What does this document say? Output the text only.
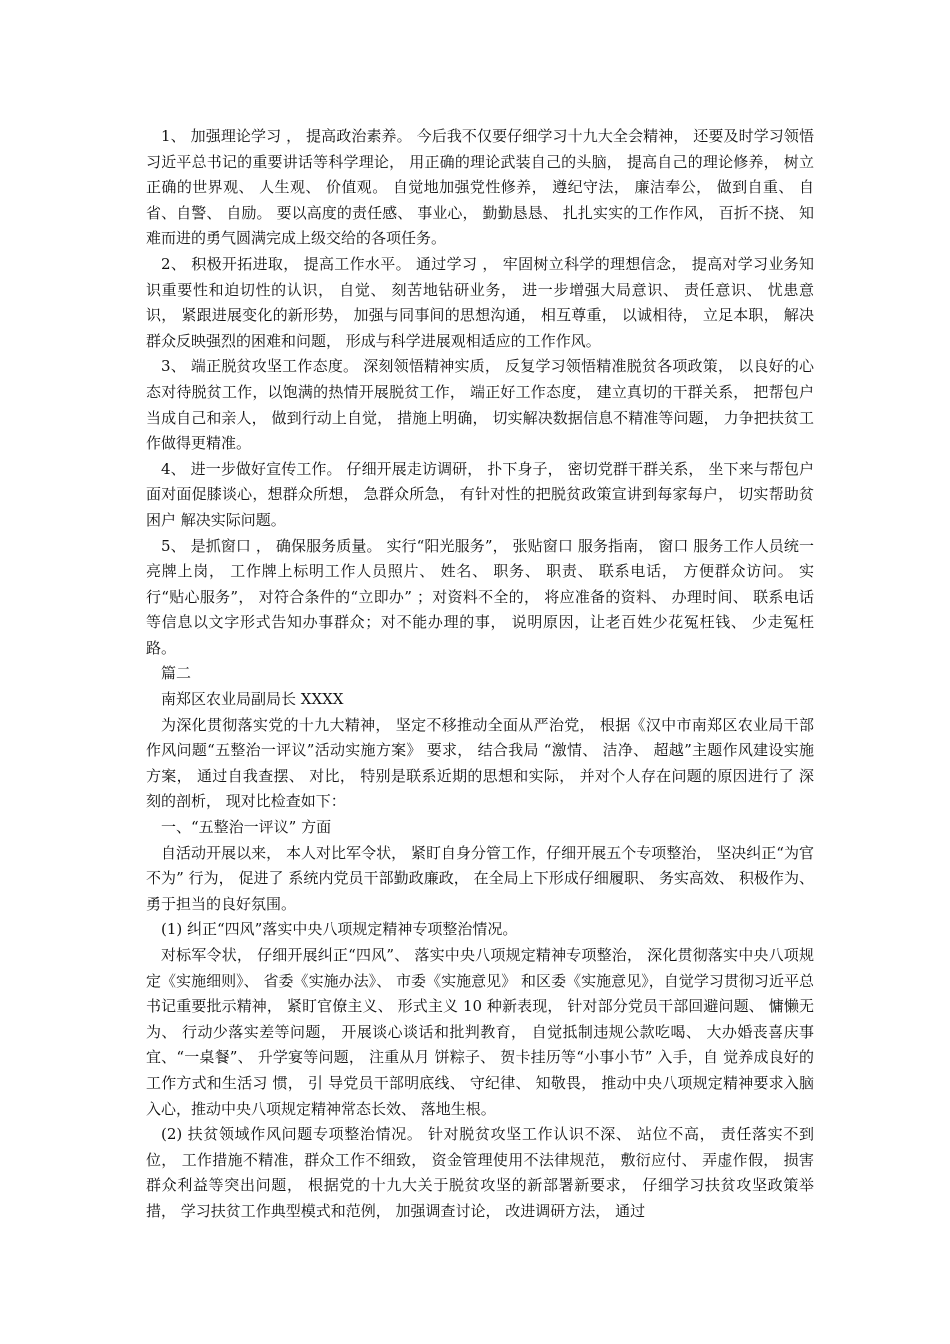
1、 加强理论学习 ， 提高政治素养。 今后我不仅要仔细学习十九大全会精神， 还要及时学习领悟习近平总书记的重要讲话等科学理论， 用正确的理论武装自己的头脑， 提高自己的理论修养， 树立正确的世界观、 人生观、 价值观。 自觉地加强党性修养， 遵纪守法， 廉洁奉公， 做到自重、 自省、自警、 自励。 要以高度的责任感、 事业心， 勤勤恳恳、 扎扎实实的工作作风， 百折不挠、 知难而进的勇气圆满完成上级交给的各项任务。

2、 积极开拓进取， 提高工作水平。 通过学习 ， 牢固树立科学的理想信念， 提高对学习业务知识重要性和迫切性的认识， 自觉、 刻苦地钻研业务， 进一步增强大局意识、 责任意识、 忧患意识， 紧跟进展变化的新形势， 加强与同事间的思想沟通， 相互尊重， 以诚相待， 立足本职， 解决群众反映强烈的困难和问题， 形成与科学进展观相适应的工作作风。

3、 端正脱贫攻坚工作态度。 深刻领悟精神实质， 反复学习领悟精准脱贫各项政策， 以良好的心态对待脱贫工作，以饱满的热情开展脱贫工作， 端正好工作态度， 建立真切的干群关系， 把帮包户当成自己和亲人， 做到行动上自觉， 措施上明确， 切实解决数据信息不精准等问题， 力争把扶贫工作做得更精准。

4、 进一步做好宣传工作。 仔细开展走访调研， 扑下身子， 密切党群干群关系， 坐下来与帮包户面对面促膝谈心，想群众所想， 急群众所急， 有针对性的把脱贫政策宣讲到每家每户， 切实帮助贫困户 解决实际问题。

5、 是抓窗口 ， 确保服务质量。 实行“阳光服务”， 张贴窗口 服务指南， 窗口 服务工作人员统一亮牌上岗， 工作牌上标明工作人员照片、 姓名、 职务、 职责、 联系电话， 方便群众访问。 实行“贴心服务”， 对符合条件的“立即办” ；对资料不全的， 将应准备的资料、 办理时间、 联系电话等信息以文字形式告知办事群众；对不能办理的事， 说明原因，让老百姓少花冤枉钱、 少走冤枉路。

篇二

南郑区农业局副局长 XXXX

为深化贯彻落实党的十九大精神， 坚定不移推动全面从严治党， 根据《汉中市南郑区农业局干部作风问题“五整治一评议”活动实施方案》 要求， 结合我局 “激情、 洁净、 超越”主题作风建设实施方案， 通过自我查摆、 对比， 特别是联系近期的思想和实际， 并对个人存在问题的原因进行了 深刻的剖析， 现对比检查如下：

一、“五整治一评议” 方面

自活动开展以来， 本人对比军令状， 紧盯自身分管工作，仔细开展五个专项整治， 坚决纠正“为官不为” 行为， 促进了 系统内党员干部勤政廉政， 在全局上下形成仔细履职、 务实高效、 积极作为、 勇于担当的良好氛围。

(1) 纠正“四风”落实中央八项规定精神专项整治情况。

对标军令状， 仔细开展纠正“四风”、 落实中央八项规定精神专项整治， 深化贯彻落实中央八项规定《实施细则》、 省委《实施办法》、 市委《实施意见》 和区委《实施意见》，自觉学习贯彻习近平总书记重要批示精神， 紧盯官僚主义、 形式主义 10 种新表现， 针对部分党员干部回避问题、 慵懒无为、 行动少落实差等问题， 开展谈心谈话和批判教育， 自觉抵制违规公款吃喝、 大办婚丧喜庆事宜、“一桌餐”、 升学宴等问题， 注重从月 饼粽子、 贺卡挂历等“小事小节” 入手，自 觉养成良好的工作方式和生活习 惯， 引 导党员干部明底线、 守纪律、 知敬畏， 推动中央八项规定精神要求入脑入心，推动中央八项规定精神常态长效、 落地生根。

(2) 扶贫领域作风问题专项整治情况。 针对脱贫攻坚工作认识不深、 站位不高， 责任落实不到位， 工作措施不精准，群众工作不细致， 资金管理使用不法律规范， 敷衍应付、 弄虚作假， 损害群众利益等突出问题， 根据党的十九大关于脱贫攻坚的新部署新要求， 仔细学习扶贫攻坚政策举措， 学习扶贫工作典型模式和范例， 加强调查讨论， 改进调研方法， 通过
